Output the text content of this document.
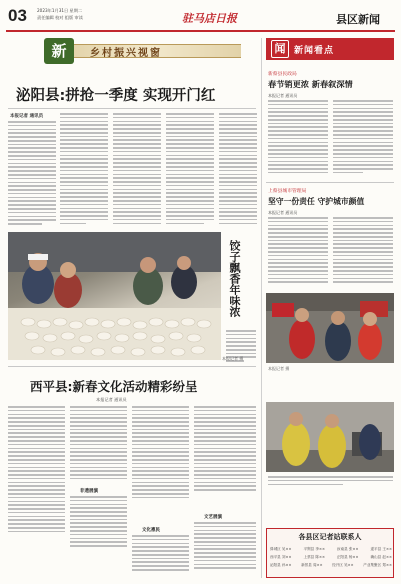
03 2023年1月31日 星期二
责任编辑 校对 组版 审读	驻马店日报	县区新闻
新	乡村振兴视窗
泌阳县:拼抢一季度 实现开门红
本报记者 通讯员
饺子飘香年味浓
本报记者 摄
西平县:新春文化活动精彩纷呈
本报记者 通讯员
非遗展演
文化惠民
文艺展演
闻 新闻看点
新蔡县民政局
春节销更浓 新春叙深情
本报记者 通讯员
上蔡县城市管理局
坚守一份责任 守护城市颜值
本报记者 通讯员
本报记者 摄
各县区记者站联系人
驿城区 吴××	平舆县 李××	汝南县 张××	遂平县 王××
西平县 刘××	上蔡县 陈××	正阳县 杨××	确山县 赵××
泌阳县 孙××	新蔡县 周××	经开区 吴××	产业集聚区 郑××
